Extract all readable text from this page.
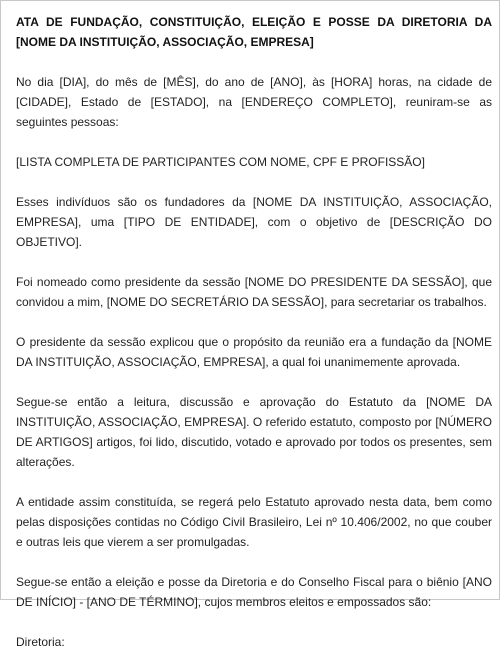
ATA DE FUNDAÇÃO, CONSTITUIÇÃO, ELEIÇÃO E POSSE DA DIRETORIA DA [NOME DA INSTITUIÇÃO, ASSOCIAÇÃO, EMPRESA]

No dia [DIA], do mês de [MÊS], do ano de [ANO], às [HORA] horas, na cidade de [CIDADE], Estado de [ESTADO], na [ENDEREÇO COMPLETO], reuniram-se as seguintes pessoas:

[LISTA COMPLETA DE PARTICIPANTES COM NOME, CPF E PROFISSÃO]

Esses indivíduos são os fundadores da [NOME DA INSTITUIÇÃO, ASSOCIAÇÃO, EMPRESA], uma [TIPO DE ENTIDADE], com o objetivo de [DESCRIÇÃO DO OBJETIVO].

Foi nomeado como presidente da sessão [NOME DO PRESIDENTE DA SESSÃO], que convidou a mim, [NOME DO SECRETÁRIO DA SESSÃO], para secretariar os trabalhos.

O presidente da sessão explicou que o propósito da reunião era a fundação da [NOME DA INSTITUIÇÃO, ASSOCIAÇÃO, EMPRESA], a qual foi unanimemente aprovada.

Segue-se então a leitura, discussão e aprovação do Estatuto da [NOME DA INSTITUIÇÃO, ASSOCIAÇÃO, EMPRESA]. O referido estatuto, composto por [NÚMERO DE ARTIGOS] artigos, foi lido, discutido, votado e aprovado por todos os presentes, sem alterações.

A entidade assim constituída, se regerá pelo Estatuto aprovado nesta data, bem como pelas disposições contidas no Código Civil Brasileiro, Lei nº 10.406/2002, no que couber e outras leis que vierem a ser promulgadas.

Segue-se então a eleição e posse da Diretoria e do Conselho Fiscal para o biênio [ANO DE INÍCIO] - [ANO DE TÉRMINO], cujos membros eleitos e empossados são:

Diretoria:
